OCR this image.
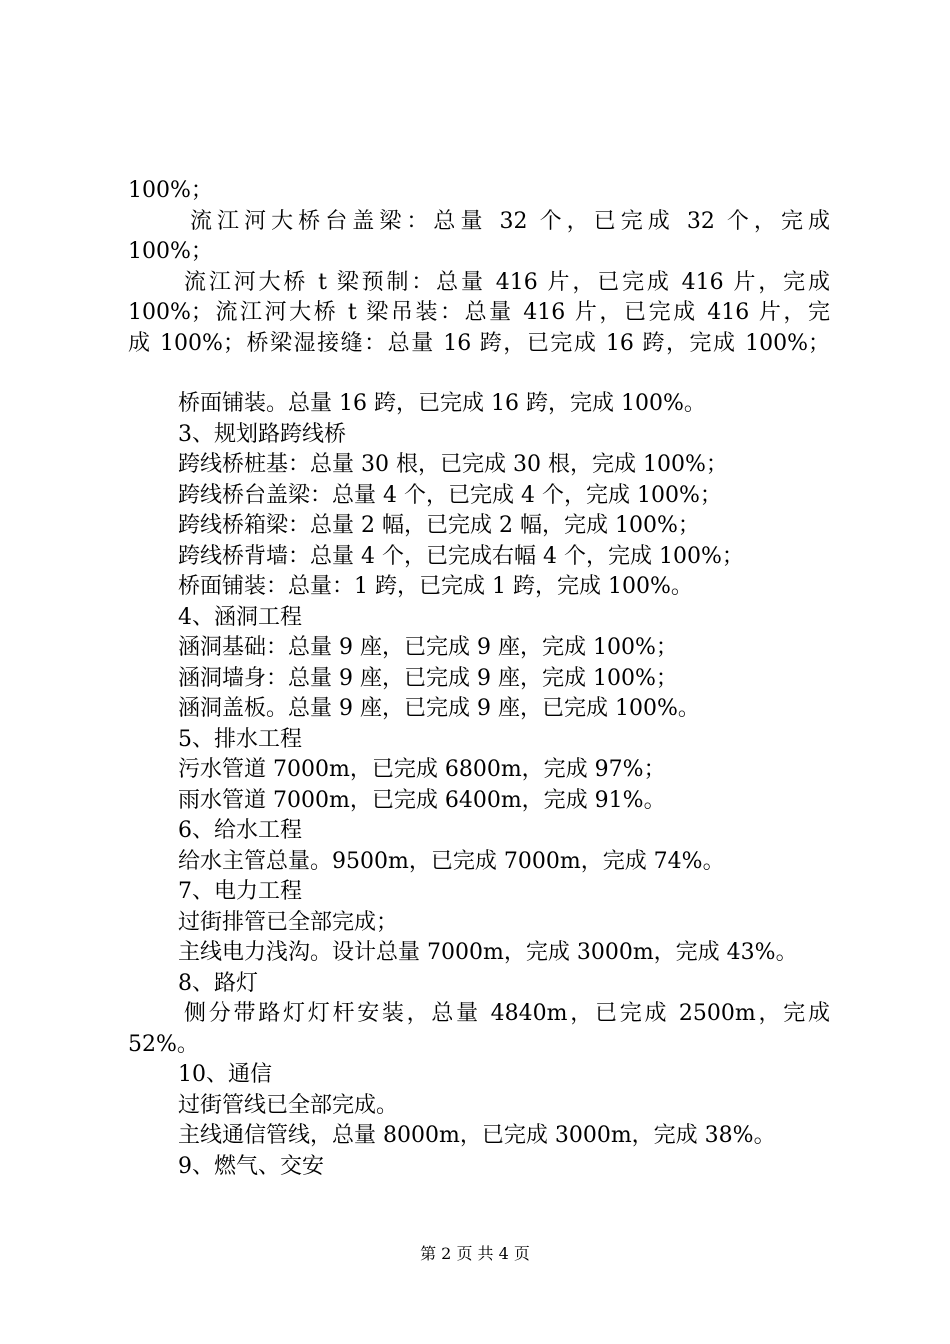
100%；
流江河大桥台盖梁：总量 32 个，已完成 32 个，完成
100%；
流江河大桥 t 梁预制：总量 416 片，已完成 416 片，完成
100%；流江河大桥 t 梁吊装：总量 416 片，已完成 416 片，完
成 100%；桥梁湿接缝：总量 16 跨，已完成 16 跨，完成 100%；
桥面铺装。总量 16 跨，已完成 16 跨，完成 100%。
3、规划路跨线桥
跨线桥桩基：总量 30 根，已完成 30 根，完成 100%；
跨线桥台盖梁：总量 4 个，已完成 4 个，完成 100%；
跨线桥箱梁：总量 2 幅，已完成 2 幅，完成 100%；
跨线桥背墙：总量 4 个，已完成右幅 4 个，完成 100%；
桥面铺装：总量：1 跨，已完成 1 跨，完成 100%。
4、涵洞工程
涵洞基础：总量 9 座，已完成 9 座，完成 100%；
涵洞墙身：总量 9 座，已完成 9 座，完成 100%；
涵洞盖板。总量 9 座，已完成 9 座，已完成 100%。
5、排水工程
污水管道 7000m，已完成 6800m，完成 97%；
雨水管道 7000m，已完成 6400m，完成 91%。
6、给水工程
给水主管总量。9500m，已完成 7000m，完成 74%。
7、电力工程
过街排管已全部完成；
主线电力浅沟。设计总量 7000m，完成 3000m，完成 43%。
8、路灯
侧分带路灯灯杆安装，总量 4840m，已完成 2500m，完成
52%。
10、通信
过街管线已全部完成。
主线通信管线，总量 8000m，已完成 3000m，完成 38%。
9、燃气、交安
第 2 页 共 4 页
